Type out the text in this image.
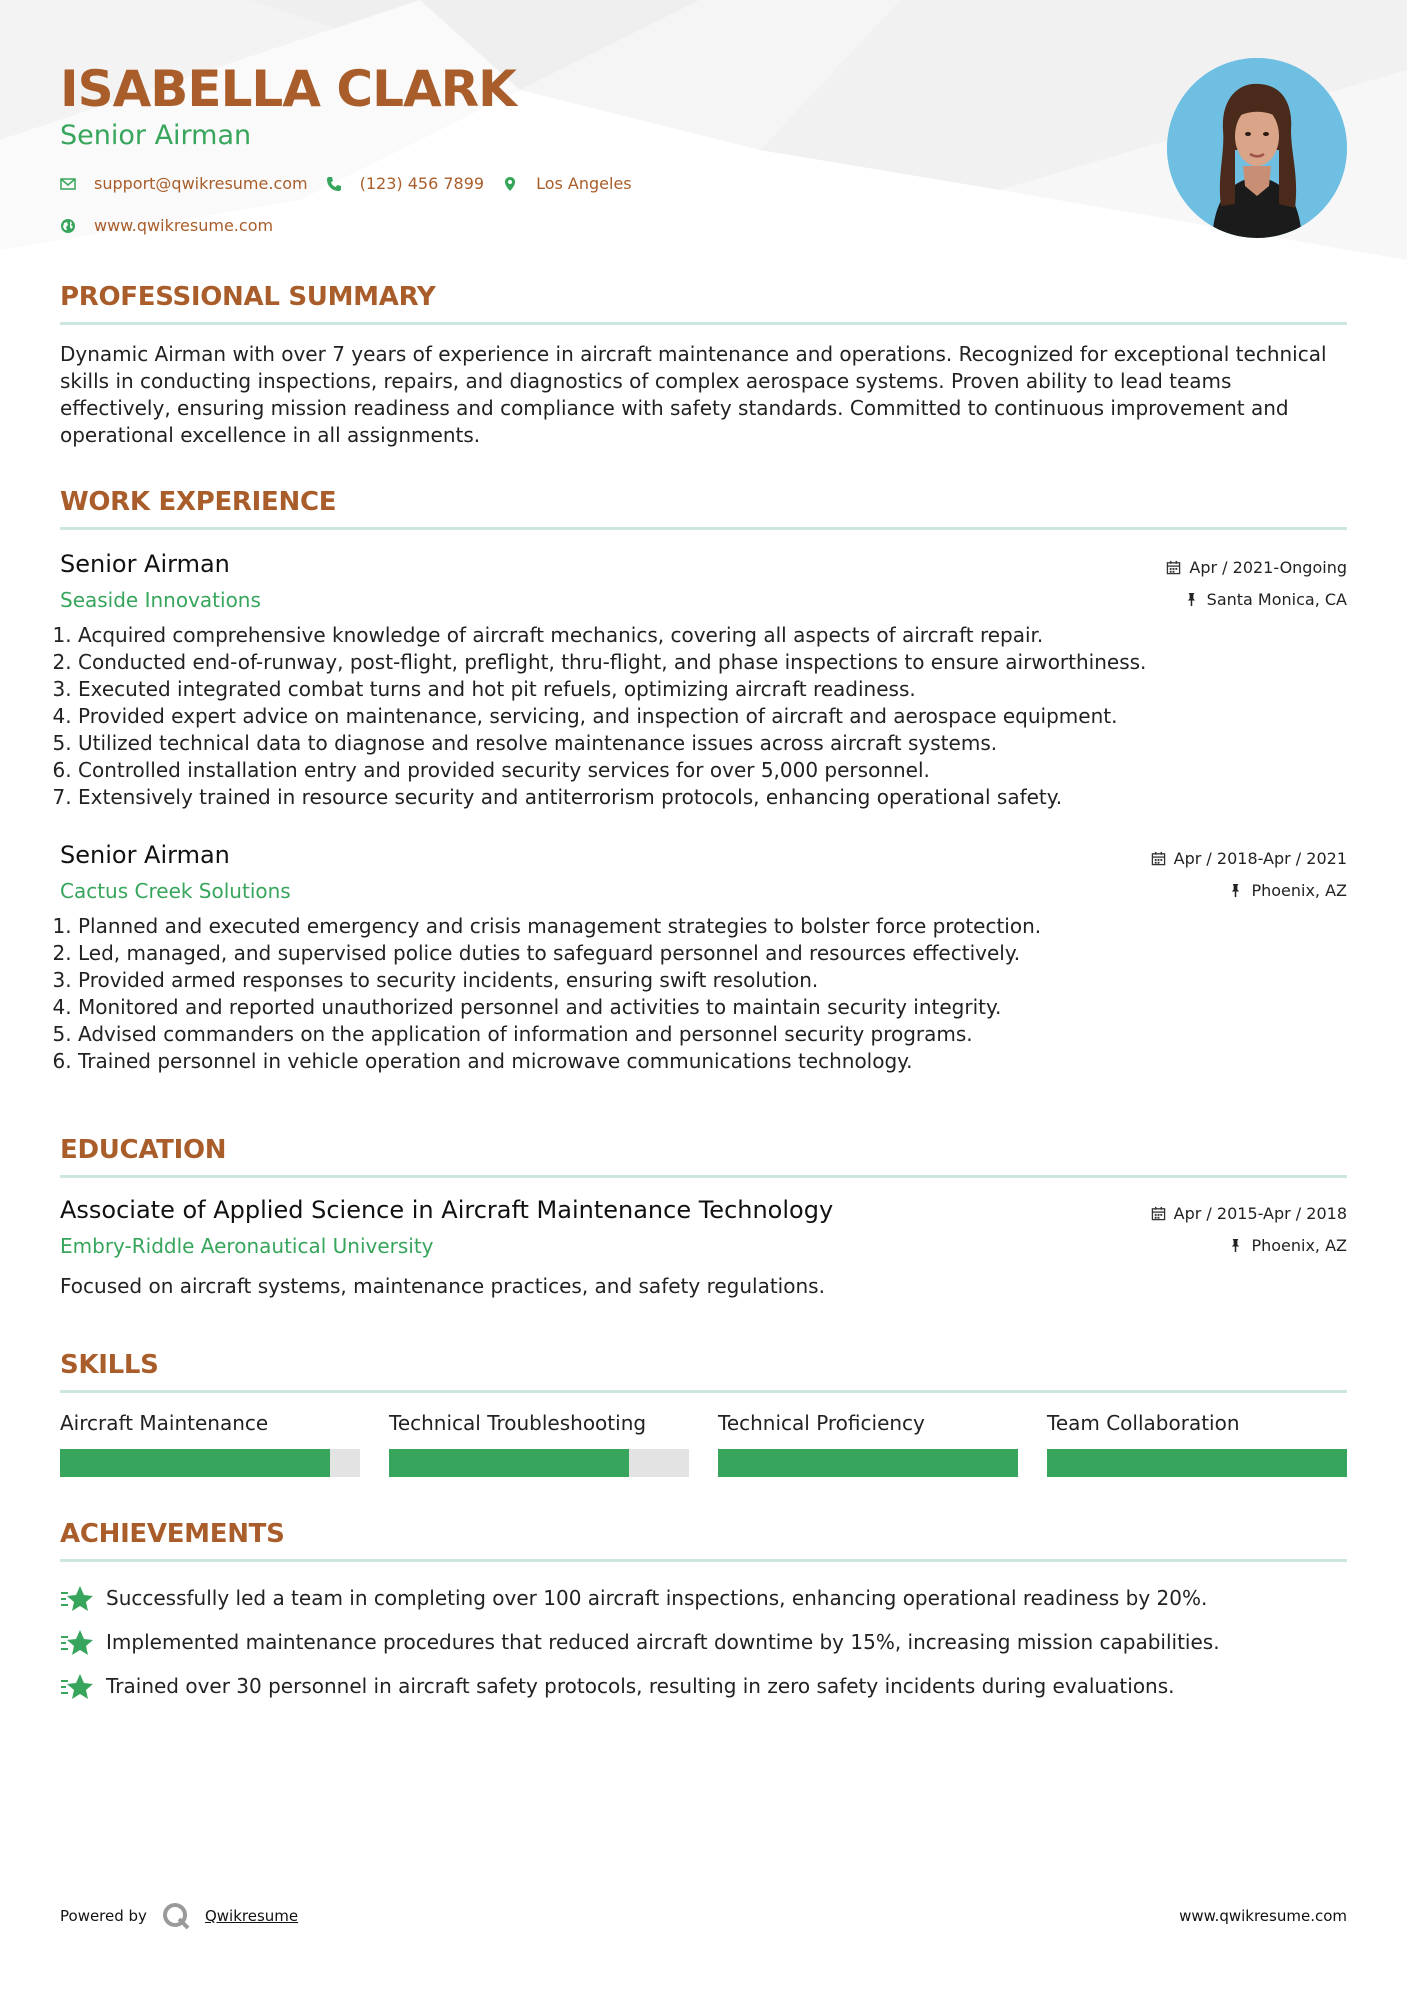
ISABELLA CLARK
Senior Airman
support@qwikresume.com	(123) 456 7899	Los Angeles
www.qwikresume.com
PROFESSIONAL SUMMARY

Dynamic Airman with over 7 years of experience in aircraft maintenance and operations. Recognized for exceptional technical skills in conducting inspections, repairs, and diagnostics of complex aerospace systems. Proven ability to lead teams effectively, ensuring mission readiness and compliance with safety standards. Committed to continuous improvement and operational excellence in all assignments.

WORK EXPERIENCE
Senior Airman
Seaside Innovations
Apr / 2021-Ongoing
Santa Monica, CA
1. Acquired comprehensive knowledge of aircraft mechanics, covering all aspects of aircraft repair.
2. Conducted end-of-runway, post-flight, preflight, thru-flight, and phase inspections to ensure airworthiness.
3. Executed integrated combat turns and hot pit refuels, optimizing aircraft readiness.
4. Provided expert advice on maintenance, servicing, and inspection of aircraft and aerospace equipment.
5. Utilized technical data to diagnose and resolve maintenance issues across aircraft systems.
6. Controlled installation entry and provided security services for over 5,000 personnel.
7. Extensively trained in resource security and antiterrorism protocols, enhancing operational safety.
Senior Airman
Cactus Creek Solutions
Apr / 2018-Apr / 2021
Phoenix, AZ
1. Planned and executed emergency and crisis management strategies to bolster force protection.
2. Led, managed, and supervised police duties to safeguard personnel and resources effectively.
3. Provided armed responses to security incidents, ensuring swift resolution.
4. Monitored and reported unauthorized personnel and activities to maintain security integrity.
5. Advised commanders on the application of information and personnel security programs.
6. Trained personnel in vehicle operation and microwave communications technology.
EDUCATION
Associate of Applied Science in Aircraft Maintenance Technology
Embry-Riddle Aeronautical University
Apr / 2015-Apr / 2018
Phoenix, AZ
Focused on aircraft systems, maintenance practices, and safety regulations.
SKILLS
Aircraft Maintenance	Technical Troubleshooting	Technical Proficiency	Team Collaboration
ACHIEVEMENTS
Successfully led a team in completing over 100 aircraft inspections, enhancing operational readiness by 20%.
Implemented maintenance procedures that reduced aircraft downtime by 15%, increasing mission capabilities.
Trained over 30 personnel in aircraft safety protocols, resulting in zero safety incidents during evaluations.
Powered by	Qwikresume	www.qwikresume.com
